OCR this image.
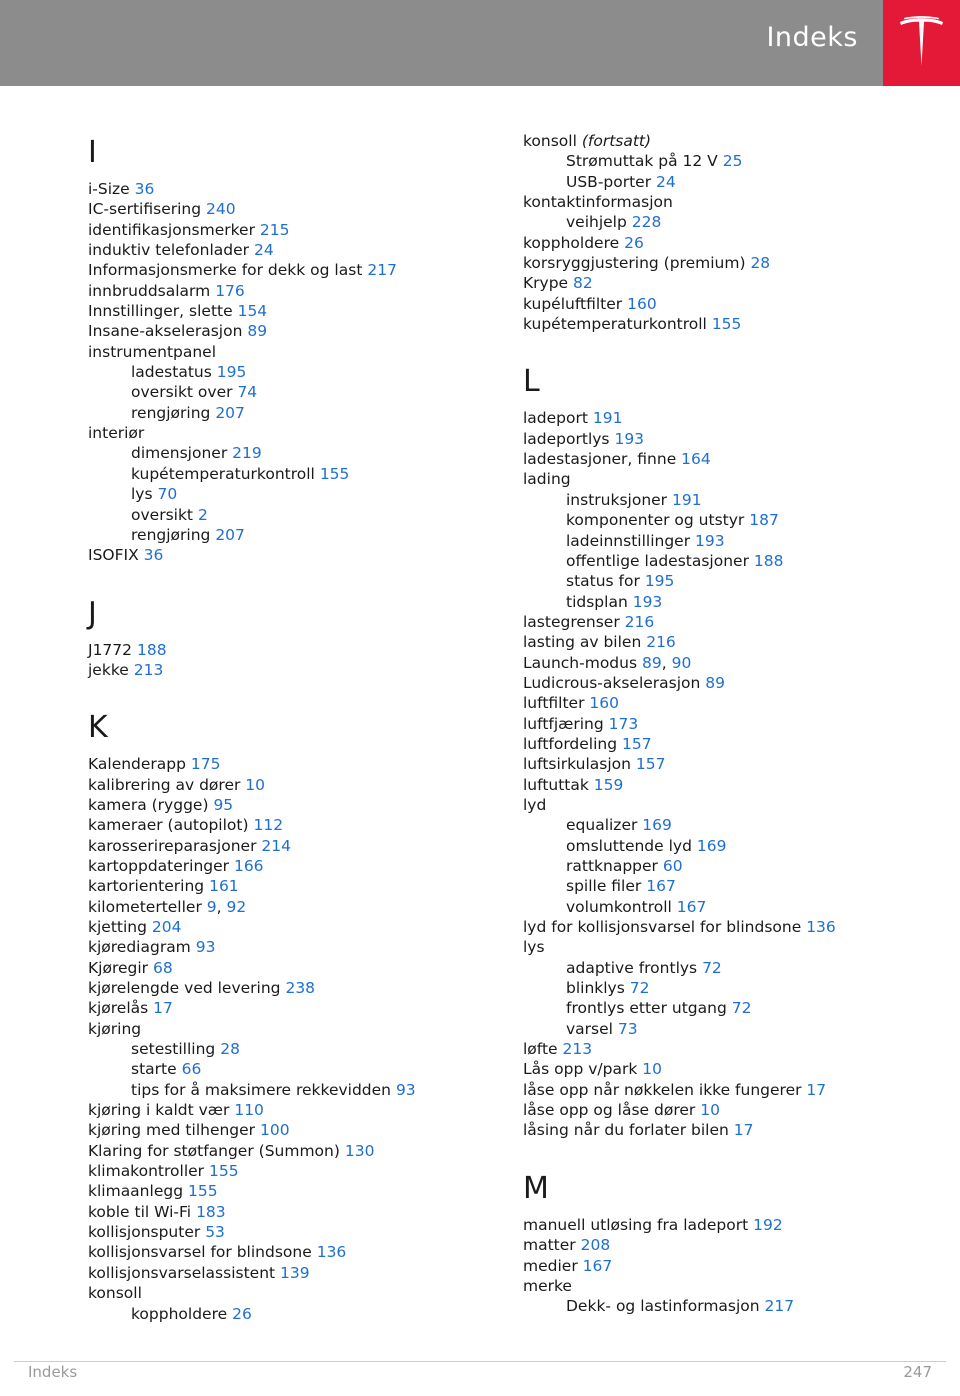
Indeks
I
i-Size 36
IC-sertifisering 240
identifikasjonsmerker 215
induktiv telefonlader 24
Informasjonsmerke for dekk og last 217
innbruddsalarm 176
Innstillinger, slette 154
Insane-akselerasjon 89
instrumentpanel
ladestatus 195
oversikt over 74
rengjøring 207
interiør
dimensjoner 219
kupétemperaturkontroll 155
lys 70
oversikt 2
rengjøring 207
ISOFIX 36
J
J1772 188
jekke 213
K
Kalenderapp 175
kalibrering av dører 10
kamera (rygge) 95
kameraer (autopilot) 112
karosserireparasjoner 214
kartoppdateringer 166
kartorientering 161
kilometerteller 9, 92
kjetting 204
kjørediagram 93
Kjøregir 68
kjørelengde ved levering 238
kjørelås 17
kjøring
setestilling 28
starte 66
tips for å maksimere rekkevidden 93
kjøring i kaldt vær 110
kjøring med tilhenger 100
Klaring for støtfanger (Summon) 130
klimakontroller 155
klimaanlegg 155
koble til Wi-Fi 183
kollisjonsputer 53
kollisjonsvarsel for blindsone 136
kollisjonsvarselassistent 139
konsoll
koppholdere 26
konsoll (fortsatt)
Strømuttak på 12 V 25
USB-porter 24
kontaktinformasjon
veihjelp 228
koppholdere 26
korsryggjustering (premium) 28
Krype 82
kupéluftfilter 160
kupétemperaturkontroll 155
L
ladeport 191
ladeportlys 193
ladestasjoner, finne 164
lading
instruksjoner 191
komponenter og utstyr 187
ladeinnstillinger 193
offentlige ladestasjoner 188
status for 195
tidsplan 193
lastegrenser 216
lasting av bilen 216
Launch-modus 89, 90
Ludicrous-akselerasjon 89
luftfilter 160
luftfjæring 173
luftfordeling 157
luftsirkulasjon 157
luftuttak 159
lyd
equalizer 169
omsluttende lyd 169
rattknapper 60
spille filer 167
volumkontroll 167
lyd for kollisjonsvarsel for blindsone 136
lys
adaptive frontlys 72
blinklys 72
frontlys etter utgang 72
varsel 73
løfte 213
Lås opp v/park 10
låse opp når nøkkelen ikke fungerer 17
låse opp og låse dører 10
låsing når du forlater bilen 17
M
manuell utløsing fra ladeport 192
matter 208
medier 167
merke
Dekk- og lastinformasjon 217
Indeks	247
